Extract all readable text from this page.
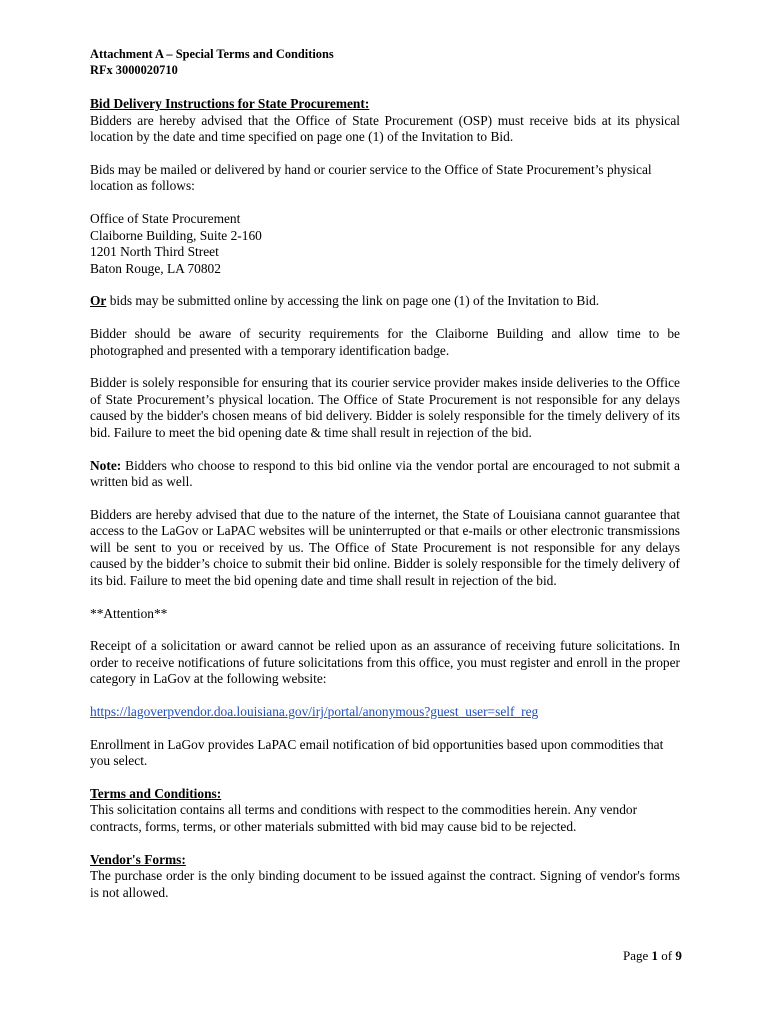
Attachment A – Special Terms and Conditions
RFx 3000020710
Bid Delivery Instructions for State Procurement:

Bidders are hereby advised that the Office of State Procurement (OSP) must receive bids at its physical location by the date and time specified on page one (1) of the Invitation to Bid.

Bids may be mailed or delivered by hand or courier service to the Office of State Procurement’s physical location as follows:

Office of State Procurement
Claiborne Building, Suite 2-160
1201 North Third Street
Baton Rouge, LA 70802

Or bids may be submitted online by accessing the link on page one (1) of the Invitation to Bid.

Bidder should be aware of security requirements for the Claiborne Building and allow time to be photographed and presented with a temporary identification badge.

Bidder is solely responsible for ensuring that its courier service provider makes inside deliveries to the Office of State Procurement’s physical location. The Office of State Procurement is not responsible for any delays caused by the bidder's chosen means of bid delivery. Bidder is solely responsible for the timely delivery of its bid. Failure to meet the bid opening date & time shall result in rejection of the bid.

Note: Bidders who choose to respond to this bid online via the vendor portal are encouraged to not submit a written bid as well.

Bidders are hereby advised that due to the nature of the internet, the State of Louisiana cannot guarantee that access to the LaGov or LaPAC websites will be uninterrupted or that e-mails or other electronic transmissions will be sent to you or received by us. The Office of State Procurement is not responsible for any delays caused by the bidder’s choice to submit their bid online. Bidder is solely responsible for the timely delivery of its bid. Failure to meet the bid opening date and time shall result in rejection of the bid.

**Attention**

Receipt of a solicitation or award cannot be relied upon as an assurance of receiving future solicitations. In order to receive notifications of future solicitations from this office, you must register and enroll in the proper category in LaGov at the following website:

https://lagoverpvendor.doa.louisiana.gov/irj/portal/anonymous?guest_user=self_reg

Enrollment in LaGov provides LaPAC email notification of bid opportunities based upon commodities that you select.

Terms and Conditions:

This solicitation contains all terms and conditions with respect to the commodities herein. Any vendor contracts, forms, terms, or other materials submitted with bid may cause bid to be rejected.

Vendor's Forms:

The purchase order is the only binding document to be issued against the contract. Signing of vendor's forms is not allowed.

Page 1 of 9
